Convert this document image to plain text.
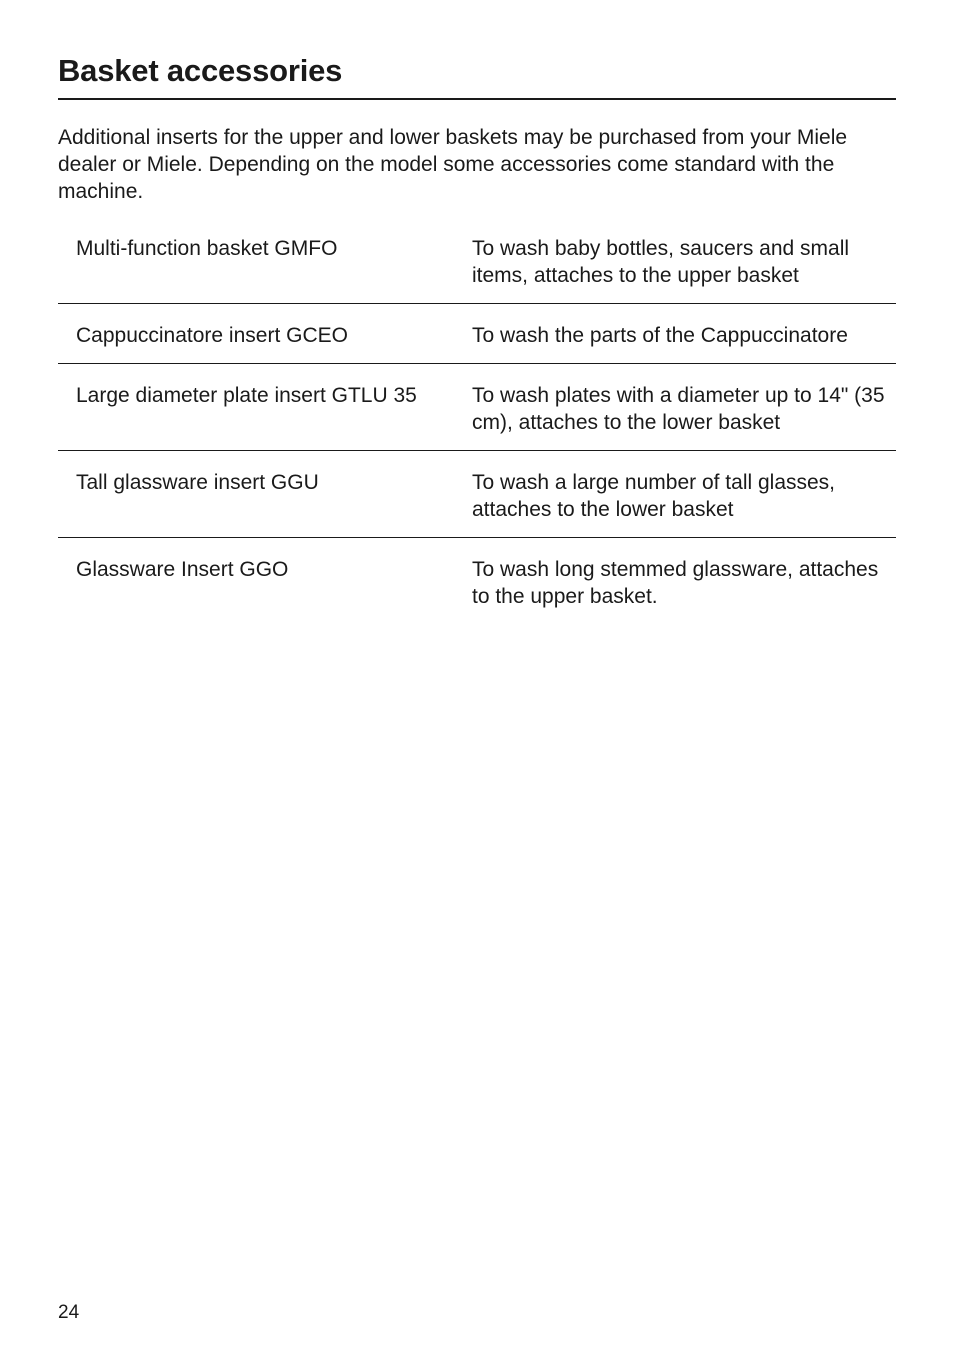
Basket accessories

Additional inserts for the upper and lower baskets may be purchased from your Miele dealer or Miele. Depending on the model some accessories come standard with the machine.

Multi-function basket GMFO	To wash baby bottles, saucers and small items, attaches to the upper basket
Cappuccinatore insert GCEO	To wash the parts of the Cappuccinatore
Large diameter plate insert GTLU 35	To wash plates with a diameter up to 14" (35 cm), attaches to the lower basket
Tall glassware insert GGU	To wash a large number of tall glasses, attaches to the lower basket
Glassware Insert GGO	To wash long stemmed glassware, attaches to the upper basket.
24
